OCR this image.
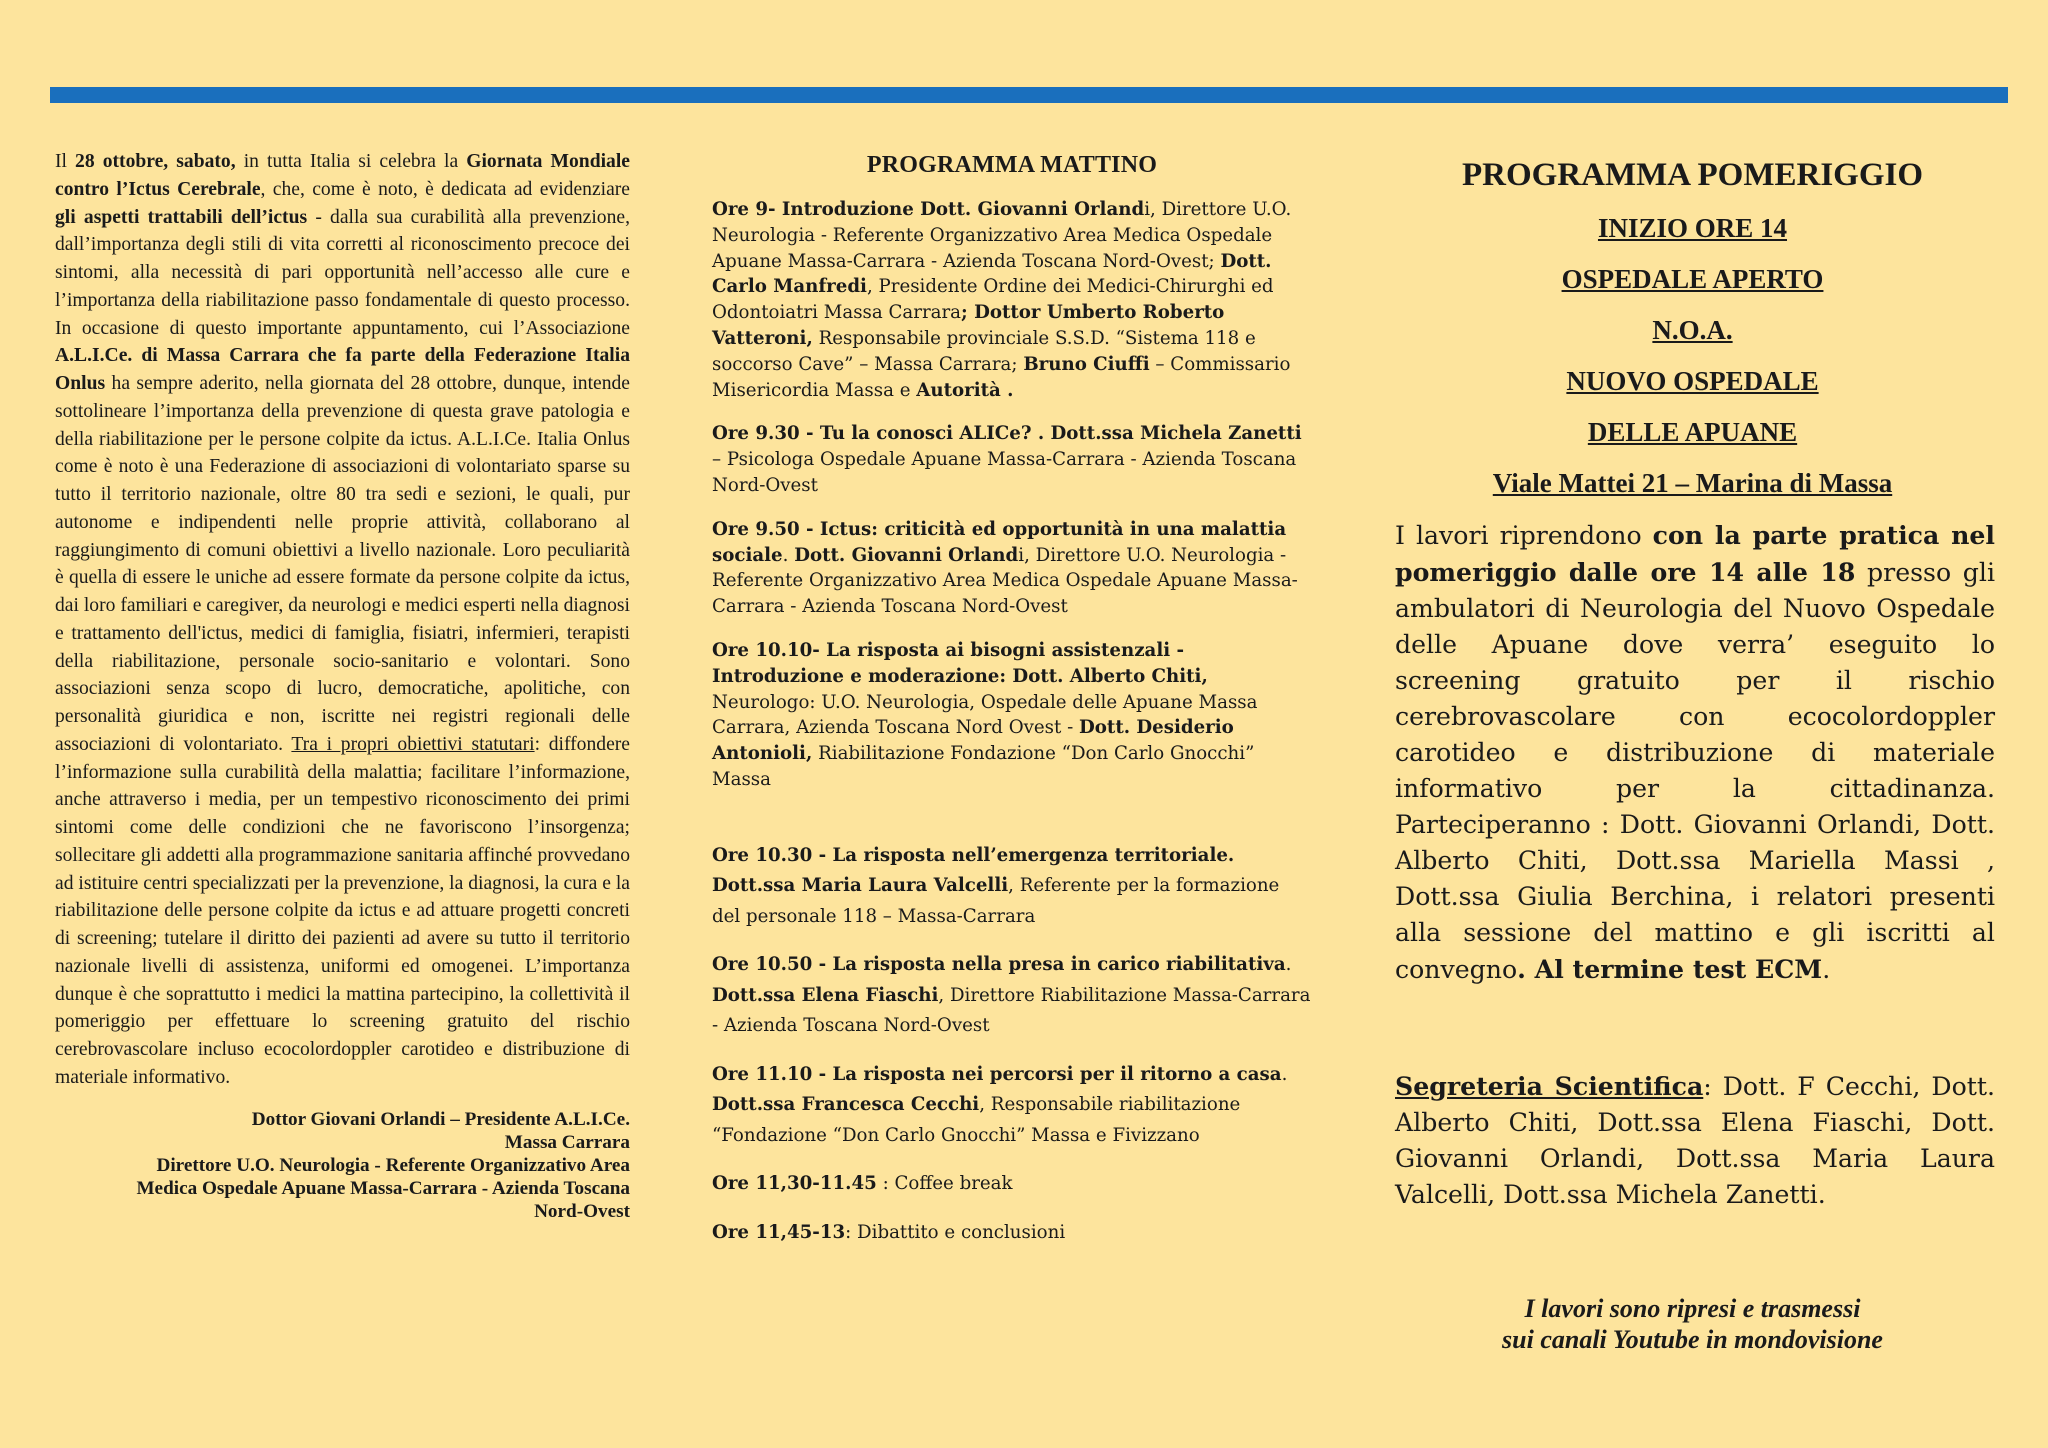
Il 28 ottobre, sabato, in tutta Italia si celebra la Giornata Mondiale contro l’Ictus Cerebrale, che, come è noto, è dedicata ad evidenziare gli aspetti trattabili dell’ictus - dalla sua curabilità alla prevenzione, dall’importanza degli stili di vita corretti al riconoscimento precoce dei sintomi, alla necessità di pari opportunità nell’accesso alle cure e l’importanza della riabilitazione passo fondamentale di questo processo. In occasione di questo importante appuntamento, cui l’Associazione A.L.I.Ce. di Massa Carrara che fa parte della Federazione Italia Onlus ha sempre aderito, nella giornata del 28 ottobre, dunque, intende sottolineare l’importanza della prevenzione di questa grave patologia e della riabilitazione per le persone colpite da ictus. A.L.I.Ce. Italia Onlus come è noto è una Federazione di associazioni di volontariato sparse su tutto il territorio nazionale, oltre 80 tra sedi e sezioni, le quali, pur autonome e indipendenti nelle proprie attività, collaborano al raggiungimento di comuni obiettivi a livello nazionale. Loro peculiarità è quella di essere le uniche ad essere formate da persone colpite da ictus, dai loro familiari e caregiver, da neurologi e medici esperti nella diagnosi e trattamento dell'ictus, medici di famiglia, fisiatri, infermieri, terapisti della riabilitazione, personale socio-sanitario e volontari. Sono associazioni senza scopo di lucro, democratiche, apolitiche, con personalità giuridica e non, iscritte nei registri regionali delle associazioni di volontariato. Tra i propri obiettivi statutari: diffondere l’informazione sulla curabilità della malattia; facilitare l’informazione, anche attraverso i media, per un tempestivo riconoscimento dei primi sintomi come delle condizioni che ne favoriscono l’insorgenza; sollecitare gli addetti alla programmazione sanitaria affinché provvedano ad istituire centri specializzati per la prevenzione, la diagnosi, la cura e la riabilitazione delle persone colpite da ictus e ad attuare progetti concreti di screening; tutelare il diritto dei pazienti ad avere su tutto il territorio nazionale livelli di assistenza, uniformi ed omogenei. L’importanza dunque è che soprattutto i medici la mattina partecipino, la collettività il pomeriggio per effettuare lo screening gratuito del rischio cerebrovascolare incluso ecocolordoppler carotideo e distribuzione di materiale informativo.

Dottor Giovani Orlandi – Presidente A.L.I.Ce.
Massa Carrara
Direttore U.O. Neurologia - Referente Organizzativo Area
Medica Ospedale Apuane Massa-Carrara - Azienda Toscana
Nord-Ovest
PROGRAMMA MATTINO

Ore 9- Introduzione Dott. Giovanni Orlandi, Direttore U.O. Neurologia - Referente Organizzativo Area Medica Ospedale Apuane Massa-Carrara - Azienda Toscana Nord-Ovest; Dott. Carlo Manfredi, Presidente Ordine dei Medici-Chirurghi ed Odontoiatri Massa Carrara; Dottor Umberto Roberto Vatteroni, Responsabile provinciale S.S.D. “Sistema 118 e soccorso Cave” – Massa Carrara; Bruno Ciuffi – Commissario Misericordia Massa e Autorità .

Ore 9.30 - Tu la conosci ALICe? . Dott.ssa Michela Zanetti – Psicologa Ospedale Apuane Massa-Carrara - Azienda Toscana Nord-Ovest

Ore 9.50 - Ictus: criticità ed opportunità in una malattia sociale. Dott. Giovanni Orlandi, Direttore U.O. Neurologia - Referente Organizzativo Area Medica Ospedale Apuane Massa-Carrara - Azienda Toscana Nord-Ovest

Ore 10.10- La risposta ai bisogni assistenzali - Introduzione e moderazione: Dott. Alberto Chiti, Neurologo: U.O. Neurologia, Ospedale delle Apuane Massa Carrara, Azienda Toscana Nord Ovest - Dott. Desiderio Antonioli, Riabilitazione Fondazione “Don Carlo Gnocchi” Massa

Ore 10.30 - La risposta nell’emergenza territoriale. Dott.ssa Maria Laura Valcelli, Referente per la formazione del personale 118 – Massa-Carrara

Ore 10.50 - La risposta nella presa in carico riabilitativa. Dott.ssa Elena Fiaschi, Direttore Riabilitazione Massa-Carrara - Azienda Toscana Nord-Ovest

Ore 11.10 - La risposta nei percorsi per il ritorno a casa. Dott.ssa Francesca Cecchi, Responsabile riabilitazione “Fondazione “Don Carlo Gnocchi” Massa e Fivizzano

Ore 11,30-11.45 : Coffee break

Ore 11,45-13: Dibattito e conclusioni

PROGRAMMA POMERIGGIO

INIZIO ORE 14

OSPEDALE APERTO

N.O.A.

NUOVO OSPEDALE

DELLE APUANE

Viale Mattei 21 – Marina di Massa

I lavori riprendono con la parte pratica nel pomeriggio dalle ore 14 alle 18 presso gli ambulatori di Neurologia del Nuovo Ospedale delle Apuane dove verra’ eseguito lo screening gratuito per il rischio cerebrovascolare con ecocolordoppler carotideo e distribuzione di materiale informativo per la cittadinanza. Parteciperanno : Dott. Giovanni Orlandi, Dott. Alberto Chiti, Dott.ssa Mariella Massi , Dott.ssa Giulia Berchina, i relatori presenti alla sessione del mattino e gli iscritti al convegno. Al termine test ECM.

Segreteria Scientifica: Dott. F Cecchi, Dott. Alberto Chiti, Dott.ssa Elena Fiaschi, Dott. Giovanni Orlandi, Dott.ssa Maria Laura Valcelli, Dott.ssa Michela Zanetti.

I lavori sono ripresi e trasmessi
sui canali Youtube in mondovisione
